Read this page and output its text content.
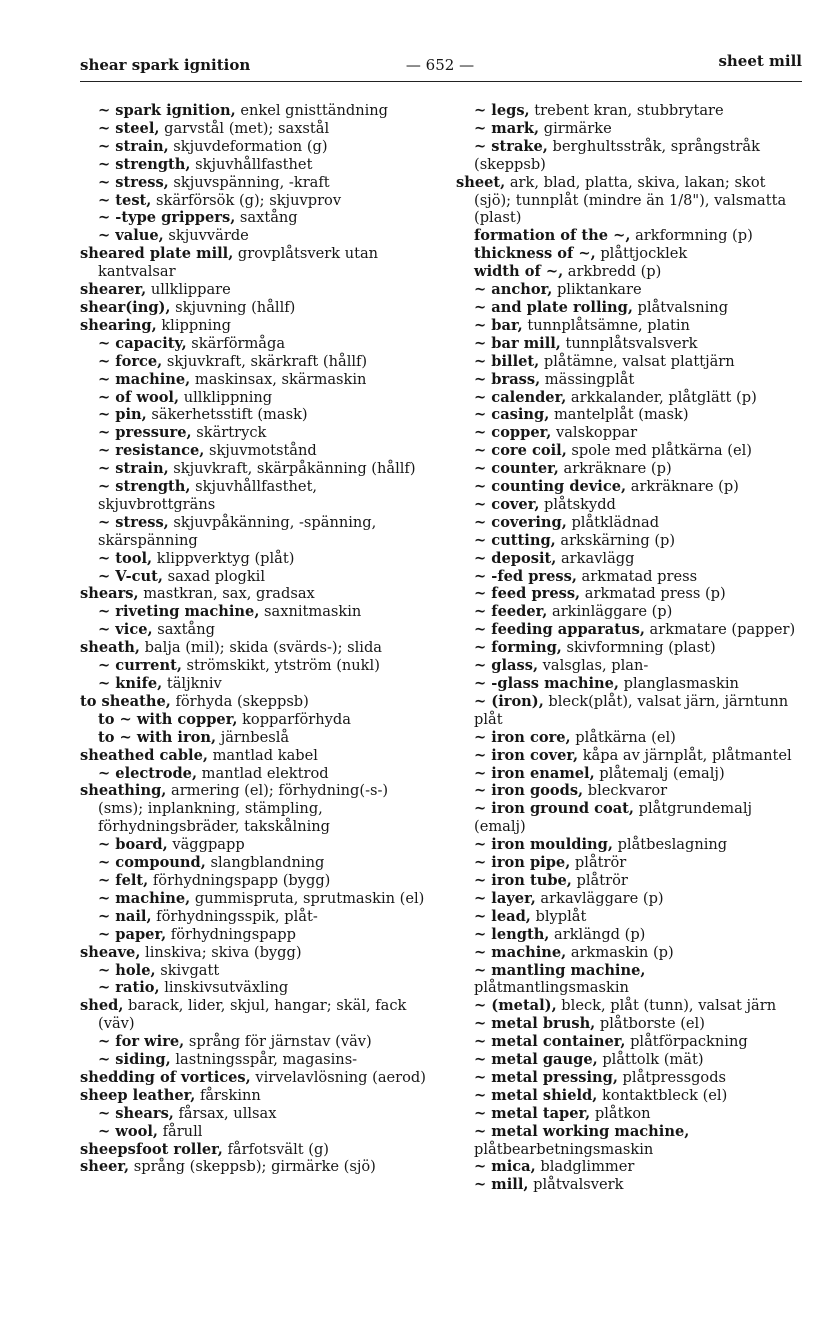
shear spark ignition	— 652 —	sheet mill
~ spark ignition, enkel gnisttändning
~ steel, garvstål (met); saxstål
~ strain, skjuvdeformation (g)
~ strength, skjuvhållfasthet
~ stress, skjuvspänning, -kraft
~ test, skärförsök (g); skjuvprov
~ -type grippers, saxtång
~ value, skjuvvärde
sheared plate mill, grovplåtsverk utan kantvalsar
shearer, ullklippare
shear(ing), skjuvning (hållf)
shearing, klippning
~ capacity, skärförmåga
~ force, skjuvkraft, skärkraft (hållf)
~ machine, maskinsax, skärmaskin
~ of wool, ullklippning
~ pin, säkerhetsstift (mask)
~ pressure, skärtryck
~ resistance, skjuvmotstånd
~ strain, skjuvkraft, skärpåkänning (hållf)
~ strength, skjuvhållfasthet, skjuvbrottgräns
~ stress, skjuvpåkänning, -spänning, skärspänning
~ tool, klippverktyg (plåt)
~ V-cut, saxad plogkil
shears, mastkran, sax, gradsax
~ riveting machine, saxnitmaskin
~ vice, saxtång
sheath, balja (mil); skida (svärds-); slida
~ current, strömskikt, ytström (nukl)
~ knife, täljkniv
to sheathe, förhyda (skeppsb)
to ~ with copper, kopparförhyda
to ~ with iron, järnbeslå
sheathed cable, mantlad kabel
~ electrode, mantlad elektrod
sheathing, armering (el); förhydning(-s-) (sms); inplankning, stämpling, förhydningsbräder, takskålning
~ board, väggpapp
~ compound, slangblandning
~ felt, förhydningspapp (bygg)
~ machine, gummispruta, sprutmaskin (el)
~ nail, förhydningsspik, plåt-
~ paper, förhydningspapp
sheave, linskiva; skiva (bygg)
~ hole, skivgatt
~ ratio, linskivsutväxling
shed, barack, lider, skjul, hangar; skäl, fack (väv)
~ for wire, språng för järnstav (väv)
~ siding, lastningsspår, magasins-
shedding of vortices, virvelavlösning (aerod)
sheep leather, fårskinn
~ shears, fårsax, ullsax
~ wool, fårull
sheepsfoot roller, fårfotsvält (g)
sheer, språng (skeppsb); girmärke (sjö)
~ legs, trebent kran, stubbrytare
~ mark, girmärke
~ strake, berghultsstråk, språngstråk (skeppsb)
sheet, ark, blad, platta, skiva, lakan; skot (sjö); tunnplåt (mindre än 1/8"), valsmatta (plast)
formation of the ~, arkformning (p)
thickness of ~, plåttjocklek
width of ~, arkbredd (p)
~ anchor, pliktankare
~ and plate rolling, plåtvalsning
~ bar, tunnplåtsämne, platin
~ bar mill, tunnplåtsvalsverk
~ billet, plåtämne, valsat plattjärn
~ brass, mässingplåt
~ calender, arkkalander, plåtglätt (p)
~ casing, mantelplåt (mask)
~ copper, valskoppar
~ core coil, spole med plåtkärna (el)
~ counter, arkräknare (p)
~ counting device, arkräknare (p)
~ cover, plåtskydd
~ covering, plåtklädnad
~ cutting, arkskärning (p)
~ deposit, arkavlägg
~ -fed press, arkmatad press
~ feed press, arkmatad press (p)
~ feeder, arkinläggare (p)
~ feeding apparatus, arkmatare (papper)
~ forming, skivformning (plast)
~ glass, valsglas, plan-
~ -glass machine, planglasmaskin
~ (iron), bleck(plåt), valsat järn, järntunn plåt
~ iron core, plåtkärna (el)
~ iron cover, kåpa av järnplåt, plåtmantel
~ iron enamel, plåtemalj (emalj)
~ iron goods, bleckvaror
~ iron ground coat, plåtgrundemalj (emalj)
~ iron moulding, plåtbeslagning
~ iron pipe, plåtrör
~ iron tube, plåtrör
~ layer, arkavläggare (p)
~ lead, blyplåt
~ length, arklängd (p)
~ machine, arkmaskin (p)
~ mantling machine, plåtmantlingsmaskin
~ (metal), bleck, plåt (tunn), valsat järn
~ metal brush, plåtborste (el)
~ metal container, plåtförpackning
~ metal gauge, plåttolk (mät)
~ metal pressing, plåtpressgods
~ metal shield, kontaktbleck (el)
~ metal taper, plåtkon
~ metal working machine, plåtbearbetningsmaskin
~ mica, bladglimmer
~ mill, plåtvalsverk
